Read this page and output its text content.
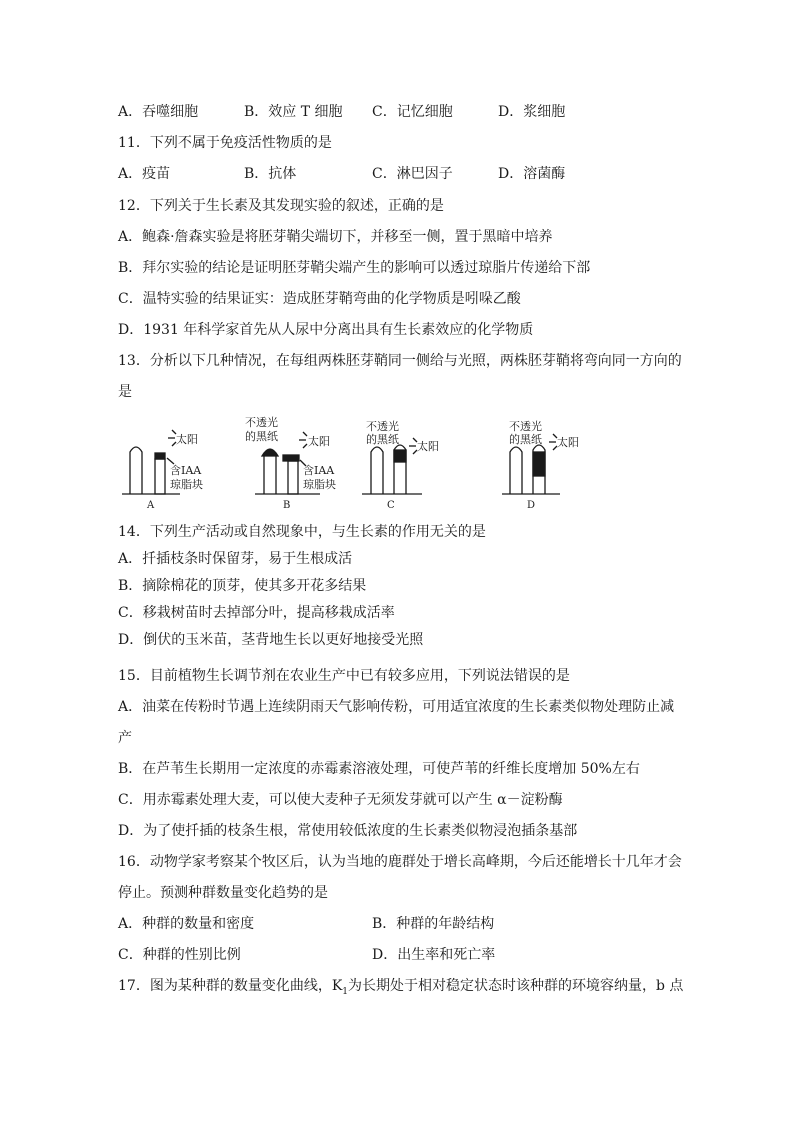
A．吞噬细胞	B．效应 T 细胞 C．记忆细胞	D．浆细胞
11．下列不属于免疫活性物质的是
A．疫苗	B．抗体	C．淋巴因子	D．溶菌酶
12．下列关于生长素及其发现实验的叙述，正确的是
A．鲍森·詹森实验是将胚芽鞘尖端切下，并移至一侧，置于黑暗中培养
B．拜尔实验的结论是证明胚芽鞘尖端产生的影响可以透过琼脂片传递给下部
C．温特实验的结果证实：造成胚芽鞘弯曲的化学物质是吲哚乙酸
D．1931 年科学家首先从人尿中分离出具有生长素效应的化学物质
13．分析以下几种情况，在每组两株胚芽鞘同一侧给与光照，两株胚芽鞘将弯向同一方向的
是
太阳
含IAA
琼脂块
A
不透光
的黑纸	太阳
含IAA
琼脂块
B
不透光
的黑纸
太阳
C
不透光
的黑纸 太阳
D
14．下列生产活动或自然现象中，与生长素的作用无关的是
A．扦插枝条时保留芽，易于生根成活
B．摘除棉花的顶芽，使其多开花多结果
C．移栽树苗时去掉部分叶，提高移栽成活率
D．倒伏的玉米苗，茎背地生长以更好地接受光照
15．目前植物生长调节剂在农业生产中已有较多应用，下列说法错误的是
A．油菜在传粉时节遇上连续阴雨天气影响传粉，可用适宜浓度的生长素类似物处理防止减
产
B．在芦苇生长期用一定浓度的赤霉素溶液处理，可使芦苇的纤维长度增加 50%左右
C．用赤霉素处理大麦，可以使大麦种子无须发芽就可以产生 α－淀粉酶
D．为了使扦插的枝条生根，常使用较低浓度的生长素类似物浸泡插条基部
16．动物学家考察某个牧区后，认为当地的鹿群处于增长高峰期，今后还能增长十几年才会
停止。预测种群数量变化趋势的是
A．种群的数量和密度	B．种群的年龄结构
C．种群的性别比例	D．出生率和死亡率
17．图为某种群的数量变化曲线，$K_1$为长期处于相对稳定状态时该种群的环境容纳量，b 点
